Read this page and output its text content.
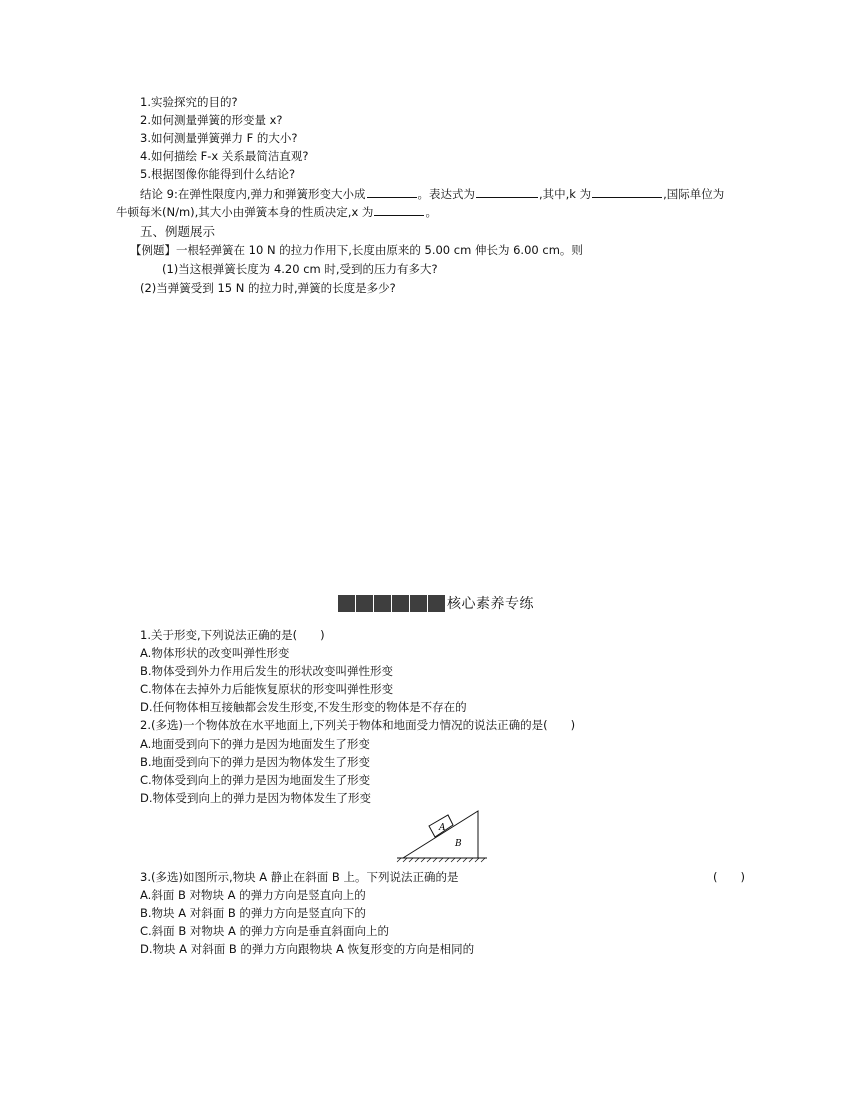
1.实验探究的目的?
2.如何测量弹簧的形变量 x?
3.如何测量弹簧弹力 F 的大小?
4.如何描绘 F-x 关系最简洁直观?
5.根据图像你能得到什么结论?
结论 9:在弹性限度内,弹力和弹簧形变大小成	。表达式为	,其中,k 为	,国际单位为
牛顿每米(N/m),其大小由弹簧本身的性质决定,x 为	。
五、例题展示
【例题】一根轻弹簧在 10 N 的拉力作用下,长度由原来的 5.00 cm 伸长为 6.00 cm。则
(1)当这根弹簧长度为 4.20 cm 时,受到的压力有多大?
(2)当弹簧受到 15 N 的拉力时,弹簧的长度是多少?
核心素养专练
1.关于形变,下列说法正确的是(　　)
A.物体形状的改变叫弹性形变
B.物体受到外力作用后发生的形状改变叫弹性形变
C.物体在去掉外力后能恢复原状的形变叫弹性形变
D.任何物体相互接触都会发生形变,不发生形变的物体是不存在的
2.(多选)一个物体放在水平地面上,下列关于物体和地面受力情况的说法正确的是(　　)
A.地面受到向下的弹力是因为地面发生了形变
B.地面受到向下的弹力是因为物体发生了形变
C.物体受到向上的弹力是因为地面发生了形变
D.物体受到向上的弹力是因为物体发生了形变
A
B
3.(多选)如图所示,物块 A 静止在斜面 B 上。下列说法正确的是	(　　)
A.斜面 B 对物块 A 的弹力方向是竖直向上的
B.物块 A 对斜面 B 的弹力方向是竖直向下的
C.斜面 B 对物块 A 的弹力方向是垂直斜面向上的
D.物块 A 对斜面 B 的弹力方向跟物块 A 恢复形变的方向是相同的
